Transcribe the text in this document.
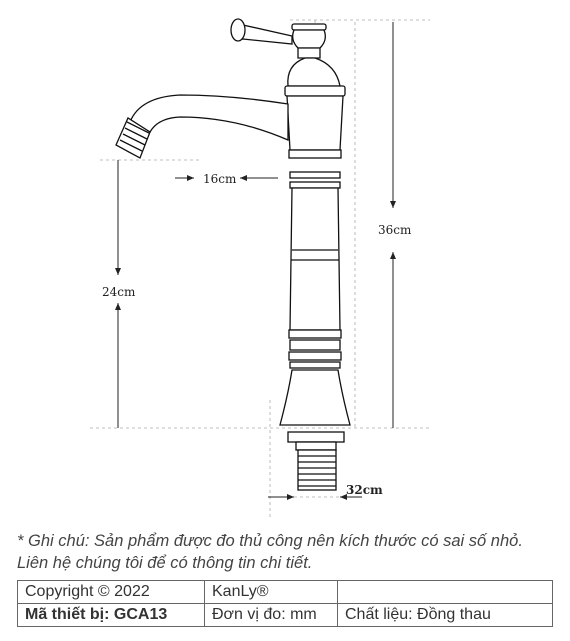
16cm
24cm
36cm
32cm

* Ghi chú: Sản phẩm được đo thủ công nên kích thước có sai số nhỏ.

Liên hệ chúng tôi để có thông tin chi tiết.

Copyright © 2022	KanLy®	
Mã thiết bị: GCA13	Đơn vị đo: mm	Chất liệu: Đồng thau
